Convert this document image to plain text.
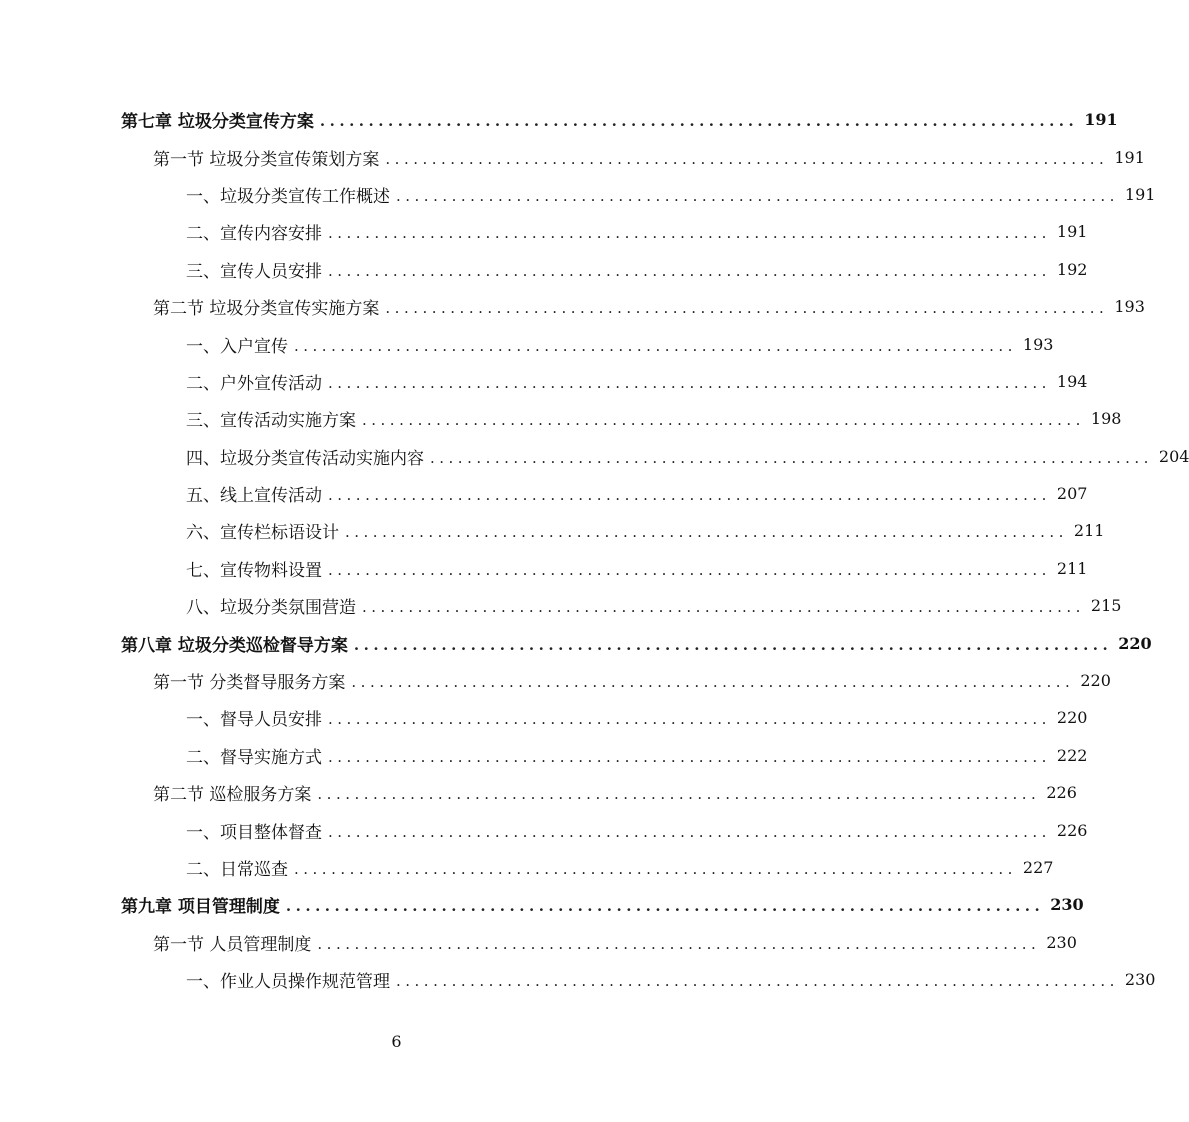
第七章 垃圾分类宣传方案 .............................................................................. 191
第一节 垃圾分类宣传策划方案 .............................................................................. 191
一、垃圾分类宣传工作概述 .............................................................................. 191
二、宣传内容安排 .............................................................................. 191
三、宣传人员安排 .............................................................................. 192
第二节 垃圾分类宣传实施方案 .............................................................................. 193
一、入户宣传 .............................................................................. 193
二、户外宣传活动 .............................................................................. 194
三、宣传活动实施方案 .............................................................................. 198
四、垃圾分类宣传活动实施内容 .............................................................................. 204
五、线上宣传活动 .............................................................................. 207
六、宣传栏标语设计 .............................................................................. 211
七、宣传物料设置 .............................................................................. 211
八、垃圾分类氛围营造 .............................................................................. 215
第八章 垃圾分类巡检督导方案 .............................................................................. 220
第一节 分类督导服务方案 .............................................................................. 220
一、督导人员安排 .............................................................................. 220
二、督导实施方式 .............................................................................. 222
第二节 巡检服务方案 .............................................................................. 226
一、项目整体督查 .............................................................................. 226
二、日常巡查 .............................................................................. 227
第九章 项目管理制度 .............................................................................. 230
第一节 人员管理制度 .............................................................................. 230
一、作业人员操作规范管理 .............................................................................. 230
6
